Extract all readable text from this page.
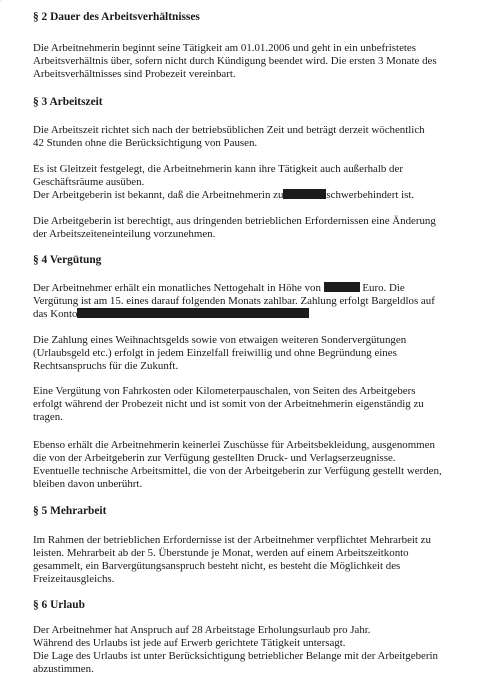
§ 2 Dauer des Arbeitsverhältnisses
Die Arbeitnehmerin beginnt seine Tätigkeit am 01.01.2006 und geht in ein unbefristetes
Arbeitsverhältnis über, sofern nicht durch Kündigung beendet wird. Die ersten 3 Monate des
Arbeitsverhältnisses sind Probezeit vereinbart.
§ 3 Arbeitszeit
Die Arbeitszeit richtet sich nach der betriebsüblichen Zeit und beträgt derzeit wöchentlich
42 Stunden ohne die Berücksichtigung von Pausen.
Es ist Gleitzeit festgelegt, die Arbeitnehmerin kann ihre Tätigkeit auch außerhalb der
Geschäftsräume ausüben.
Der Arbeitgeberin ist bekannt, daß die Arbeitnehmerin zu	schwerbehindert ist.
Die Arbeitgeberin ist berechtigt, aus dringenden betrieblichen Erfordernissen eine Änderung
der Arbeitszeiteneinteilung vorzunehmen.
§ 4 Vergütung
Der Arbeitnehmer erhält ein monatliches Nettogehalt in Höhe von	Euro. Die
Vergütung ist am 15. eines darauf folgenden Monats zahlbar. Zahlung erfolgt Bargeldlos auf
das Konto
Die Zahlung eines Weihnachtsgelds sowie von etwaigen weiteren Sondervergütungen
(Urlaubsgeld etc.) erfolgt in jedem Einzelfall freiwillig und ohne Begründung eines
Rechtsanspruchs für die Zukunft.
Eine Vergütung von Fahrkosten oder Kilometerpauschalen, von Seiten des Arbeitgebers
erfolgt während der Probezeit nicht und ist somit von der Arbeitnehmerin eigenständig zu
tragen.
Ebenso erhält die Arbeitnehmerin keinerlei Zuschüsse für Arbeitsbekleidung, ausgenommen
die von der Arbeitgeberin zur Verfügung gestellten Druck- und Verlagserzeugnisse.
Eventuelle technische Arbeitsmittel, die von der Arbeitgeberin zur Verfügung gestellt werden,
bleiben davon unberührt.
§ 5 Mehrarbeit
Im Rahmen der betrieblichen Erfordernisse ist der Arbeitnehmer verpflichtet Mehrarbeit zu
leisten. Mehrarbeit ab der 5. Überstunde je Monat, werden auf einem Arbeitszeitkonto
gesammelt, ein Barvergütungsanspruch besteht nicht, es besteht die Möglichkeit des
Freizeitausgleichs.
§ 6 Urlaub
Der Arbeitnehmer hat Anspruch auf 28 Arbeitstage Erholungsurlaub pro Jahr.
Während des Urlaubs ist jede auf Erwerb gerichtete Tätigkeit untersagt.
Die Lage des Urlaubs ist unter Berücksichtigung betrieblicher Belange mit der Arbeitgeberin
abzustimmen.
